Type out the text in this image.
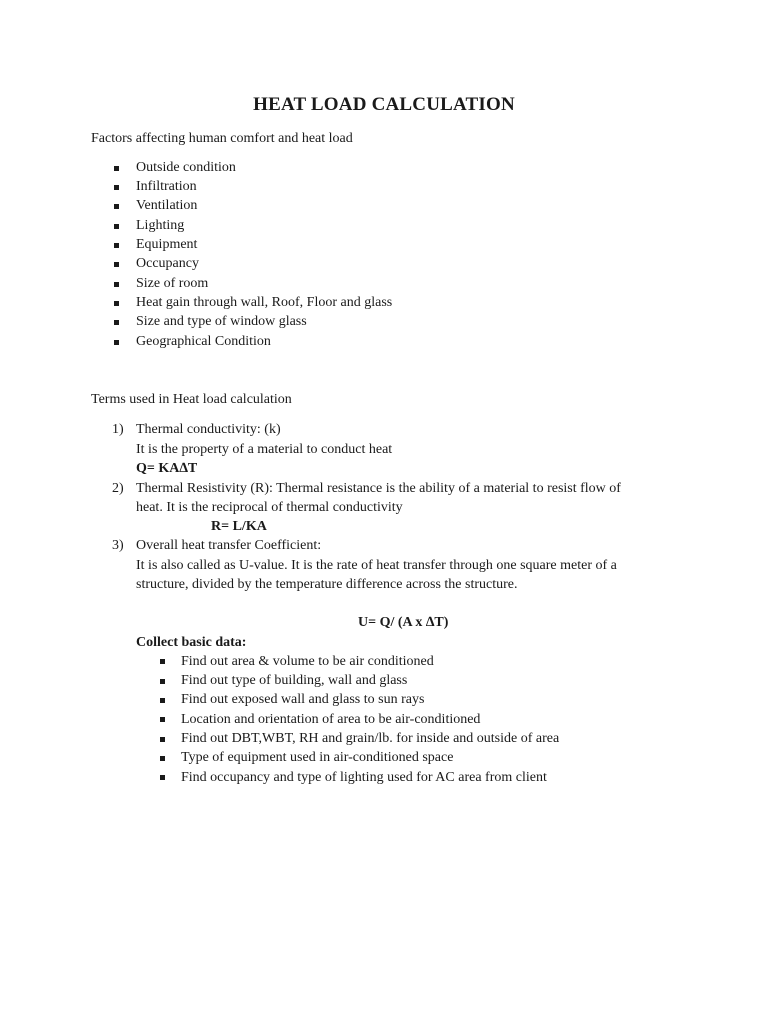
HEAT LOAD CALCULATION
Factors affecting human comfort and heat load
Outside condition
Infiltration
Ventilation
Lighting
Equipment
Occupancy
Size of room
Heat gain through wall, Roof, Floor and glass
Size and type of window glass
Geographical Condition
Terms used in Heat load calculation
1) Thermal conductivity: (k)
It is the property of a material to conduct heat
Q= KA∆T
2) Thermal Resistivity (R): Thermal resistance is the ability of a material to resist flow of
heat. It is the reciprocal of thermal conductivity
R= L/KA
3) Overall heat transfer Coefficient:
It is also called as U-value. It is the rate of heat transfer through one square meter of a
structure, divided by the temperature difference across the structure.
U= Q/ (A x ∆T)
Collect basic data:
Find out area & volume to be air conditioned
Find out type of building, wall and glass
Find out exposed wall and glass to sun rays
Location and orientation of area to be air-conditioned
Find out DBT,WBT, RH and grain/lb. for inside and outside of area
Type of equipment used in air-conditioned space
Find occupancy and type of lighting used for AC area from client
